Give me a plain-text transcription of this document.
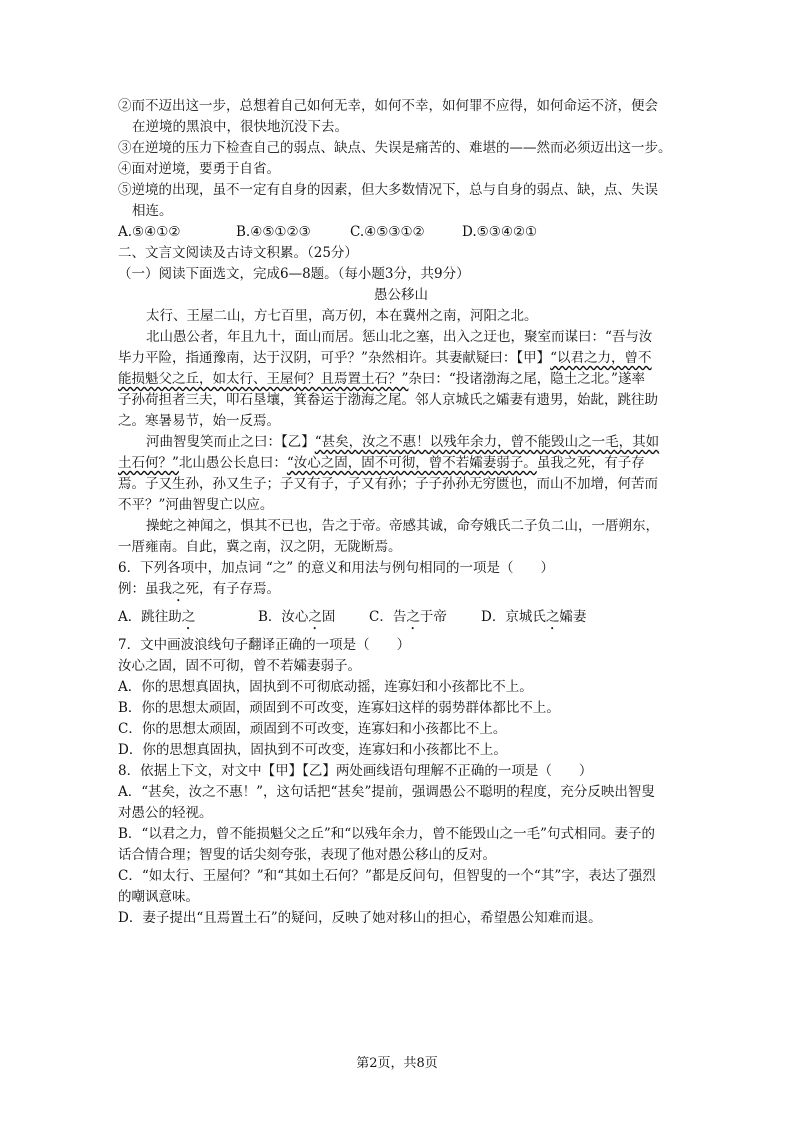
②而不迈出这一步，总想着自己如何无幸，如何不幸，如何罪不应得，如何命运不济，便会
在逆境的黑浪中，很快地沉没下去。
③在逆境的压力下检查自己的弱点、缺点、失误是痛苦的、难堪的——然而必须迈出这一步。
④面对逆境，要勇于自省。
⑤逆境的出现，虽不一定有自身的因素，但大多数情况下，总与自身的弱点、缺，点、失误
相连。
A.⑤④①②	B.④⑤①②③	C.④⑤③①②	D.⑤③④②①
二、文言文阅读及古诗文积累。（25分）
（一）阅读下面选文，完成6—8题。（每小题3分，共9分）
愚公移山
太行、王屋二山，方七百里，高万仞，本在冀州之南，河阳之北。
北山愚公者，年且九十，面山而居。惩山北之塞，出入之迂也，聚室而谋曰：“吾与汝
毕力平险，指通豫南，达于汉阴，可乎？”杂然相许。其妻献疑曰：【甲】“以君之力，曾不
能损魁父之丘，如太行、王屋何？且焉置土石？”杂曰：“投诸渤海之尾，隐土之北。”遂率
子孙荷担者三夫，叩石垦壤，箕畚运于渤海之尾。邻人京城氏之孀妻有遗男，始龀，跳往助
之。寒暑易节，始一反焉。
河曲智叟笑而止之曰：【乙】“甚矣，汝之不惠！以残年余力，曾不能毁山之一毛，其如
土石何？”北山愚公长息曰：“汝心之固，固不可彻，曾不若孀妻弱子。虽我之死，有子存
焉。子又生孙，孙又生子；子又有子，子又有孙；子子孙孙无穷匮也，而山不加增，何苦而
不平？”河曲智叟亡以应。
操蛇之神闻之，惧其不已也，告之于帝。帝感其诚，命夸娥氏二子负二山，一厝朔东，
一厝雍南。自此，冀之南，汉之阴，无陇断焉。
6．下列各项中，加点词 “之” 的意义和用法与例句相同的一项是（　　）
例：虽我之死，有子存焉。
A．跳往助之	B．汝心之固	C．告之于帝	D．京城氏之孀妻
7．文中画波浪线句子翻译正确的一项是（　　）
汝心之固，固不可彻，曾不若孀妻弱子。
A．你的思想真固执，固执到不可彻底动摇，连寡妇和小孩都比不上。
B．你的思想太顽固，顽固到不可改变，连寡妇这样的弱势群体都比不上。
C．你的思想太顽固，顽固到不可改变，连寡妇和小孩都比不上。
D．你的思想真固执，固执到不可改变，连寡妇和小孩都比不上。
8．依据上下文，对文中【甲】【乙】两处画线语句理解不正确的一项是（　　）
A．“甚矣，汝之不惠！”，这句话把“甚矣”提前，强调愚公不聪明的程度，充分反映出智叟
对愚公的轻视。
B．“以君之力，曾不能损魁父之丘”和“以残年余力，曾不能毁山之一毛”句式相同。妻子的
话合情合理；智叟的话尖刻夸张，表现了他对愚公移山的反对。
C．“如太行、王屋何？”和“其如土石何？”都是反问句，但智叟的一个“其”字，表达了强烈
的嘲讽意味。
D．妻子提出“且焉置土石”的疑问，反映了她对移山的担心，希望愚公知难而退。
第2页，共8页
